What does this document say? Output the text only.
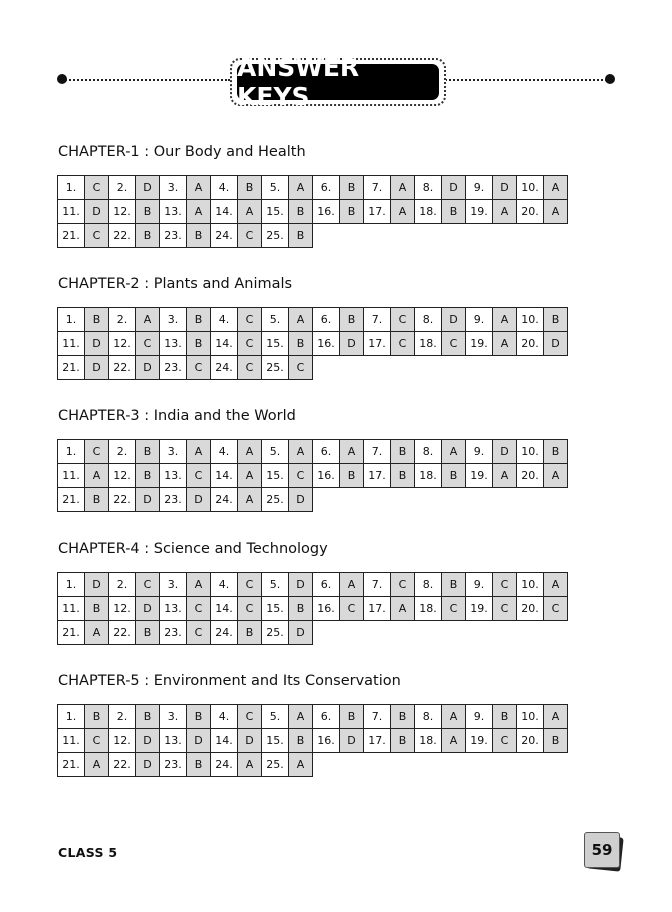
ANSWER KEYS
CHAPTER-1 : Our Body and Health
1.	C	2.	D	3.	A	4.	B	5.	A	6.	B	7.	A	8.	D	9.	D	10.	A
11.	D	12.	B	13.	A	14.	A	15.	B	16.	B	17.	A	18.	B	19.	A	20.	A
21.	C	22.	B	23.	B	24.	C	25.	B										
CHAPTER-2 : Plants and Animals
1.	B	2.	A	3.	B	4.	C	5.	A	6.	B	7.	C	8.	D	9.	A	10.	B
11.	D	12.	C	13.	B	14.	C	15.	B	16.	D	17.	C	18.	C	19.	A	20.	D
21.	D	22.	D	23.	C	24.	C	25.	C										
CHAPTER-3 : India and the World
1.	C	2.	B	3.	A	4.	A	5.	A	6.	A	7.	B	8.	A	9.	D	10.	B
11.	A	12.	B	13.	C	14.	A	15.	C	16.	B	17.	B	18.	B	19.	A	20.	A
21.	B	22.	D	23.	D	24.	A	25.	D										
CHAPTER-4 : Science and Technology
1.	D	2.	C	3.	A	4.	C	5.	D	6.	A	7.	C	8.	B	9.	C	10.	A
11.	B	12.	D	13.	C	14.	C	15.	B	16.	C	17.	A	18.	C	19.	C	20.	C
21.	A	22.	B	23.	C	24.	B	25.	D										
CHAPTER-5 : Environment and Its Conservation
1.	B	2.	B	3.	B	4.	C	5.	A	6.	B	7.	B	8.	A	9.	B	10.	A
11.	C	12.	D	13.	D	14.	D	15.	B	16.	D	17.	B	18.	A	19.	C	20.	B
21.	A	22.	D	23.	B	24.	A	25.	A										
CLASS 5	59
